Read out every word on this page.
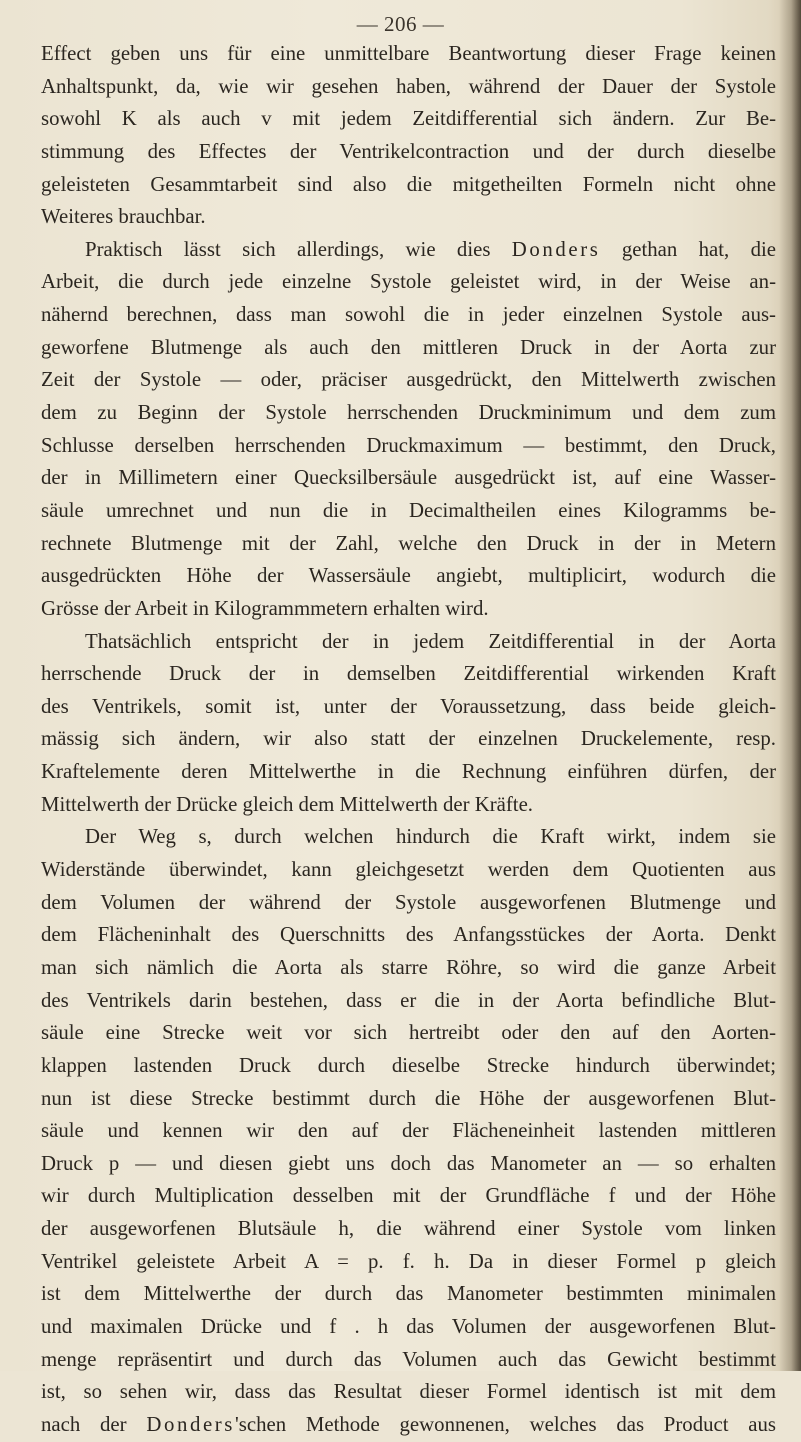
— 206 —
Effect geben uns für eine unmittelbare Beantwortung dieser Frage keinen
Anhaltspunkt, da, wie wir gesehen haben, während der Dauer der Systole
sowohl K als auch v mit jedem Zeitdifferential sich ändern. Zur Be-
stimmung des Effectes der Ventrikelcontraction und der durch dieselbe
geleisteten Gesammtarbeit sind also die mitgetheilten Formeln nicht ohne
Weiteres brauchbar.
Praktisch lässt sich allerdings, wie dies Donders gethan hat, die
Arbeit, die durch jede einzelne Systole geleistet wird, in der Weise an-
nähernd berechnen, dass man sowohl die in jeder einzelnen Systole aus-
geworfene Blutmenge als auch den mittleren Druck in der Aorta zur
Zeit der Systole — oder, präciser ausgedrückt, den Mittelwerth zwischen
dem zu Beginn der Systole herrschenden Druckminimum und dem zum
Schlusse derselben herrschenden Druckmaximum — bestimmt, den Druck,
der in Millimetern einer Quecksilbersäule ausgedrückt ist, auf eine Wasser-
säule umrechnet und nun die in Decimaltheilen eines Kilogramms be-
rechnete Blutmenge mit der Zahl, welche den Druck in der in Metern
ausgedrückten Höhe der Wassersäule angiebt, multiplicirt, wodurch die
Grösse der Arbeit in Kilogrammmetern erhalten wird.
Thatsächlich entspricht der in jedem Zeitdifferential in der Aorta
herrschende Druck der in demselben Zeitdifferential wirkenden Kraft
des Ventrikels, somit ist, unter der Voraussetzung, dass beide gleich-
mässig sich ändern, wir also statt der einzelnen Druckelemente, resp.
Kraftelemente deren Mittelwerthe in die Rechnung einführen dürfen, der
Mittelwerth der Drücke gleich dem Mittelwerth der Kräfte.
Der Weg s, durch welchen hindurch die Kraft wirkt, indem sie
Widerstände überwindet, kann gleichgesetzt werden dem Quotienten aus
dem Volumen der während der Systole ausgeworfenen Blutmenge und
dem Flächeninhalt des Querschnitts des Anfangsstückes der Aorta. Denkt
man sich nämlich die Aorta als starre Röhre, so wird die ganze Arbeit
des Ventrikels darin bestehen, dass er die in der Aorta befindliche Blut-
säule eine Strecke weit vor sich hertreibt oder den auf den Aorten-
klappen lastenden Druck durch dieselbe Strecke hindurch überwindet;
nun ist diese Strecke bestimmt durch die Höhe der ausgeworfenen Blut-
säule und kennen wir den auf der Flächeneinheit lastenden mittleren
Druck p — und diesen giebt uns doch das Manometer an — so erhalten
wir durch Multiplication desselben mit der Grundfläche f und der Höhe
der ausgeworfenen Blutsäule h, die während einer Systole vom linken
Ventrikel geleistete Arbeit A = p. f. h. Da in dieser Formel p gleich
ist dem Mittelwerthe der durch das Manometer bestimmten minimalen
und maximalen Drücke und f . h das Volumen der ausgeworfenen Blut-
menge repräsentirt und durch das Volumen auch das Gewicht bestimmt
ist, so sehen wir, dass das Resultat dieser Formel identisch ist mit dem
nach der Donders'schen Methode gewonnenen, welches das Product aus
